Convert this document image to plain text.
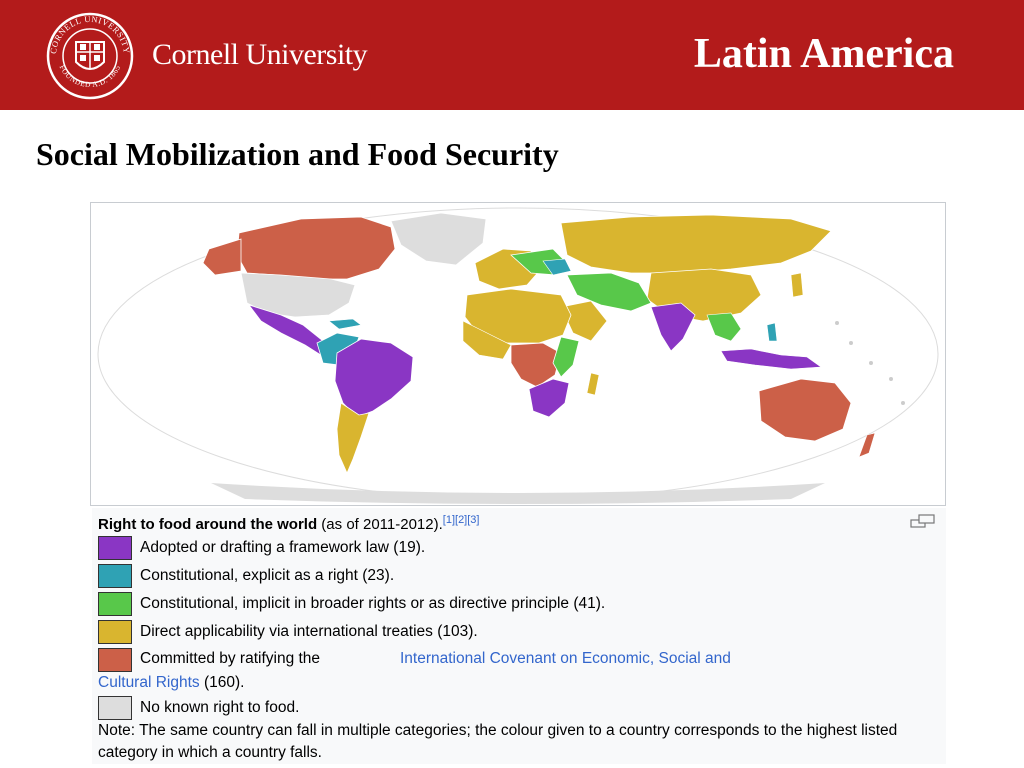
CORNELL UNIVERSITY
FOUNDED A.D. 1865 Cornell University	Latin America
Social Mobilization and Food Security
Right to food around the world (as of 2011-2012).[1][2][3]
Adopted or drafting a framework law (19).
Constitutional, explicit as a right (23).
Constitutional, implicit in broader rights or as directive principle (41).
Direct applicability via international treaties (103).
Committed by ratifying the	International Covenant on Economic, Social and
Cultural Rights (160).
No known right to food.
Note: The same country can fall in multiple categories; the colour given to a country corresponds to the highest listed category in which a country falls.
